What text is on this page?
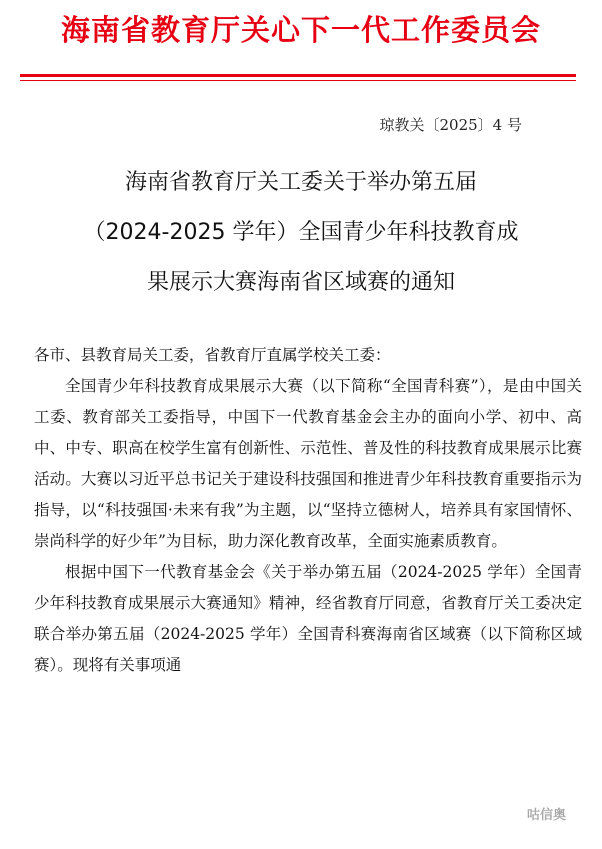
海南省教育厅关心下一代工作委员会
琼教关〔2025〕4 号
海南省教育厅关工委关于举办第五届
（2024-2025 学年）全国青少年科技教育成
果展示大赛海南省区域赛的通知

各市、县教育局关工委，省教育厅直属学校关工委：

全国青少年科技教育成果展示大赛（以下简称“全国青科赛”），是由中国关工委、教育部关工委指导，中国下一代教育基金会主办的面向小学、初中、高中、中专、职高在校学生富有创新性、示范性、普及性的科技教育成果展示比赛活动。大赛以习近平总书记关于建设科技强国和推进青少年科技教育重要指示为指导，以“科技强国·未来有我”为主题，以“坚持立德树人，培养具有家国情怀、崇尚科学的好少年”为目标，助力深化教育改革，全面实施素质教育。

根据中国下一代教育基金会《关于举办第五届（2024-2025 学年）全国青少年科技教育成果展示大赛通知》精神，经省教育厅同意，省教育厅关工委决定联合举办第五届（2024-2025 学年）全国青科赛海南省区域赛（以下简称区域赛）。现将有关事项通

咕信奥
